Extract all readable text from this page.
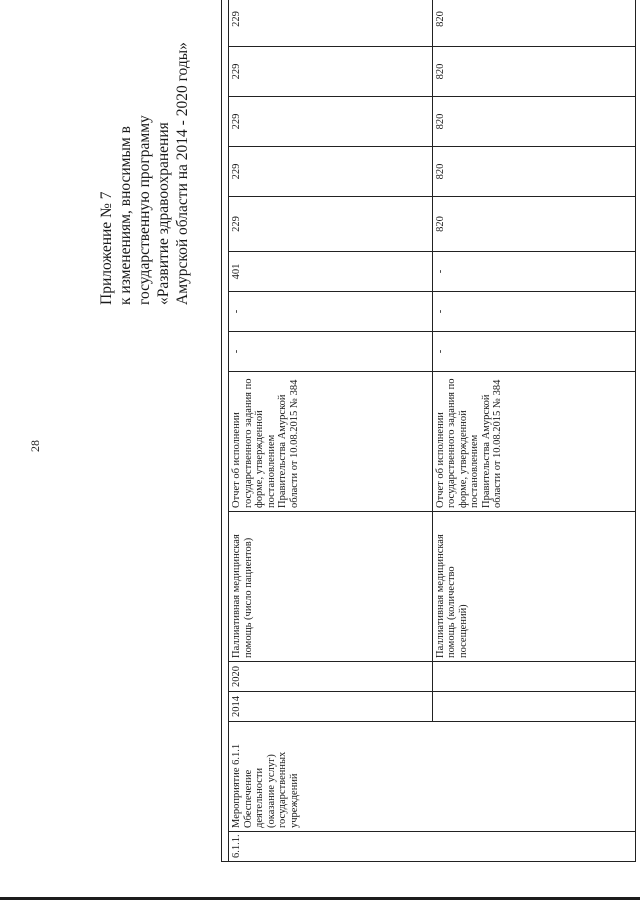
28
Приложение № 7 к изменениям, вносимым в государственную программу «Развитие здравоохранения Амурской области на 2014 - 2020 годы»

6.1.1.	Мероприятие 6.1.1 Обеспечение деятельности (оказание услуг) государственных учреждений	2014	2020	Паллиативная медицинская помощь (число пациентов)	Отчет об исполнении государственного задания по форме, утвержденной постановлением Правительства Амурской области от 10.08.2015 № 384	-	-	401	229	229	229	229	229
				Паллиативная медицинская помощь (количество посещений)	Отчет об исполнении государственного задания по форме, утвержденной постановлением Правительства Амурской области от 10.08.2015 № 384	-	-	-	820	820	820	820	820
